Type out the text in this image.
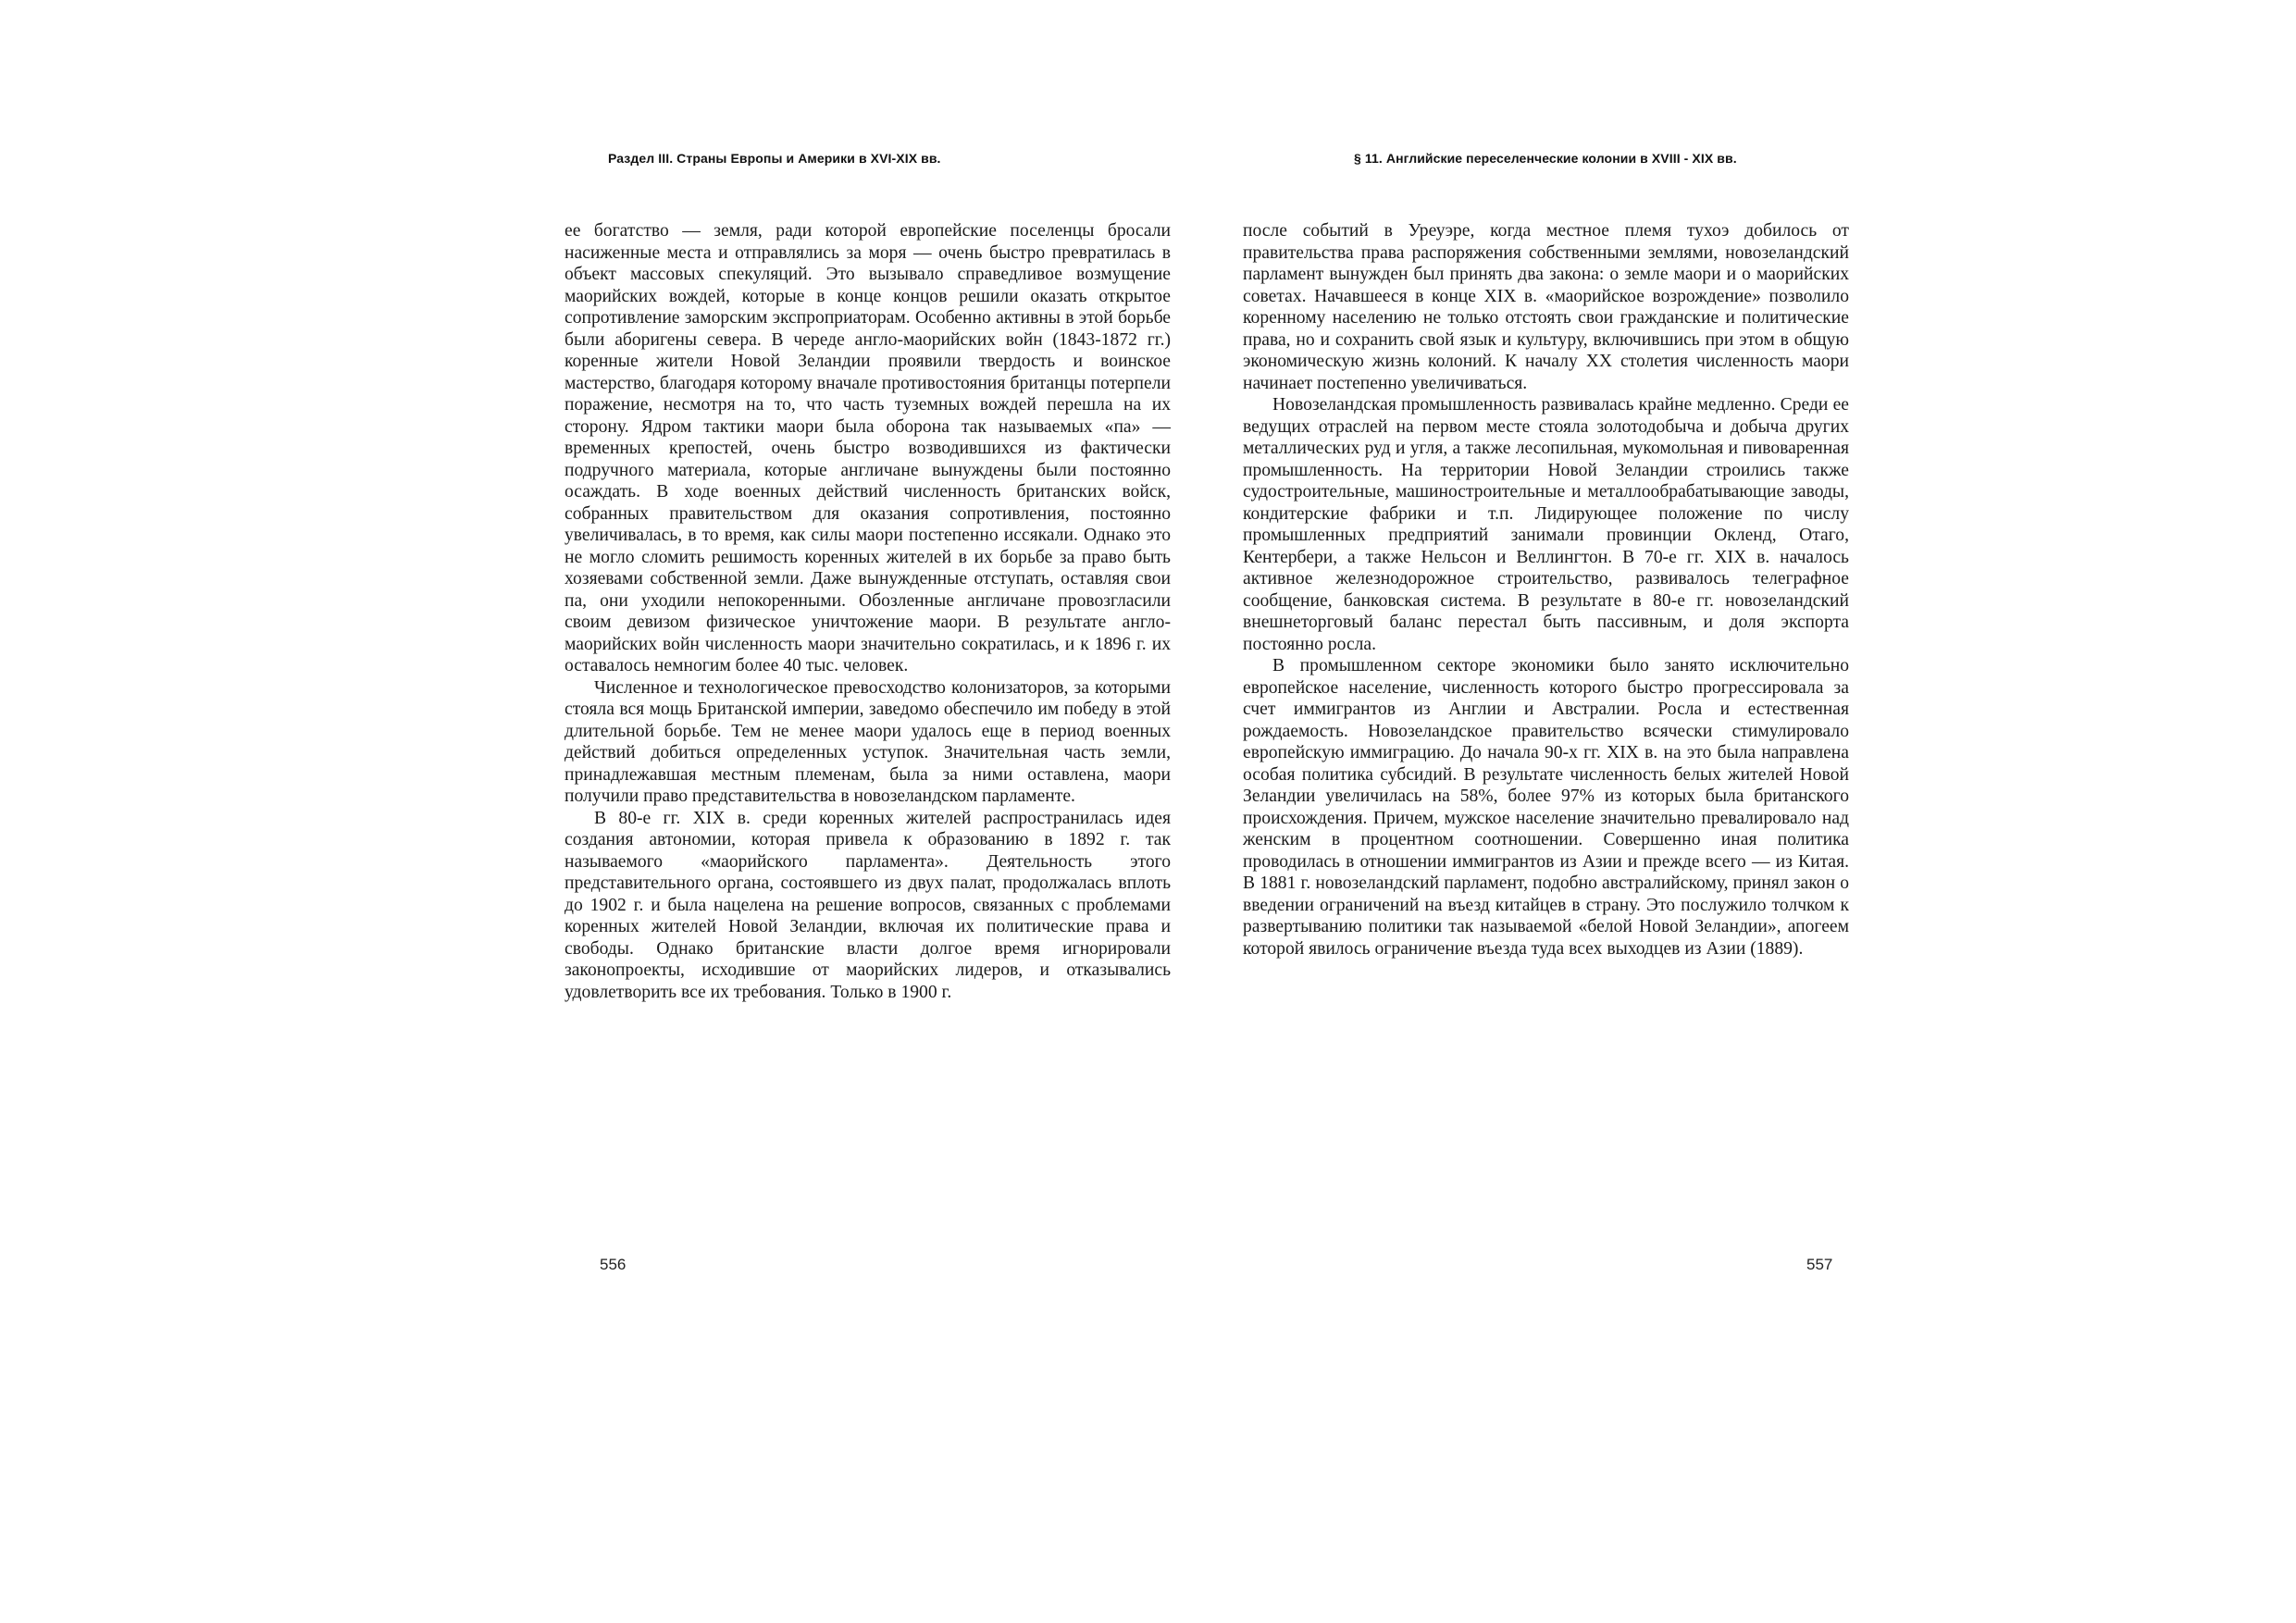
Раздел III. Страны Европы и Америки в XVI-XIX вв.

ее богатство — земля, ради которой европейские поселенцы бросали насиженные места и отправлялись за моря — очень быстро превратилась в объект массовых спекуляций. Это вызывало справедливое возмущение маорийских вождей, которые в конце концов решили оказать открытое сопротивление заморским экспроприаторам. Особенно активны в этой борьбе были аборигены севера. В череде англо-маорийских войн (1843-1872 гг.) коренные жители Новой Зеландии проявили твердость и воинское мастерство, благодаря которому вначале противостояния британцы потерпели поражение, несмотря на то, что часть туземных вождей перешла на их сторону. Ядром тактики маори была оборона так называемых «па» — временных крепостей, очень быстро возводившихся из фактически подручного материала, которые англичане вынуждены были постоянно осаждать. В ходе военных действий численность британских войск, собранных правительством для оказания сопротивления, постоянно увеличивалась, в то время, как силы маори постепенно иссякали. Однако это не могло сломить решимость коренных жителей в их борьбе за право быть хозяевами собственной земли. Даже вынужденные отступать, оставляя свои па, они уходили непокоренными. Обозленные англичане провозгласили своим девизом физическое уничтожение маори. В результате англо-маорийских войн численность маори значительно сократилась, и к 1896 г. их оставалось немногим более 40 тыс. человек.

Численное и технологическое превосходство колонизаторов, за которыми стояла вся мощь Британской империи, заведомо обеспечило им победу в этой длительной борьбе. Тем не менее маори удалось еще в период военных действий добиться определенных уступок. Значительная часть земли, принадлежавшая местным племенам, была за ними оставлена, маори получили право представительства в новозеландском парламенте.

В 80-е гг. XIX в. среди коренных жителей распространилась идея создания автономии, которая привела к образованию в 1892 г. так называемого «маорийского парламента». Деятельность этого представительного органа, состоявшего из двух палат, продолжалась вплоть до 1902 г. и была нацелена на решение вопросов, связанных с проблемами коренных жителей Новой Зеландии, включая их политические права и свободы. Однако британские власти долгое время игнорировали законопроекты, исходившие от маорийских лидеров, и отказывались удовлетворить все их требования. Только в 1900 г.

556
§ 11. Английские переселенческие колонии в XVIII - XIX вв.

после событий в Уреуэре, когда местное племя тухоэ добилось от правительства права распоряжения собственными землями, новозеландский парламент вынужден был принять два закона: о земле маори и о маорийских советах. Начавшееся в конце XIX в. «маорийское возрождение» позволило коренному населению не только отстоять свои гражданские и политические права, но и сохранить свой язык и культуру, включившись при этом в общую экономическую жизнь колоний. К началу XX столетия численность маори начинает постепенно увеличиваться.

Новозеландская промышленность развивалась крайне медленно. Среди ее ведущих отраслей на первом месте стояла золотодобыча и добыча других металлических руд и угля, а также лесопильная, мукомольная и пивоваренная промышленность. На территории Новой Зеландии строились также судостроительные, машиностроительные и металлообрабатывающие заводы, кондитерские фабрики и т.п. Лидирующее положение по числу промышленных предприятий занимали провинции Окленд, Отаго, Кентербери, а также Нельсон и Веллингтон. В 70-е гг. XIX в. началось активное железнодорожное строительство, развивалось телеграфное сообщение, банковская система. В результате в 80-е гг. новозеландский внешнеторговый баланс перестал быть пассивным, и доля экспорта постоянно росла.

В промышленном секторе экономики было занято исключительно европейское население, численность которого быстро прогрессировала за счет иммигрантов из Англии и Австралии. Росла и естественная рождаемость. Новозеландское правительство всячески стимулировало европейскую иммиграцию. До начала 90-х гг. XIX в. на это была направлена особая политика субсидий. В результате численность белых жителей Новой Зеландии увеличилась на 58%, более 97% из которых была британского происхождения. Причем, мужское население значительно превалировало над женским в процентном соотношении. Совершенно иная политика проводилась в отношении иммигрантов из Азии и прежде всего — из Китая. В 1881 г. новозеландский парламент, подобно австралийскому, принял закон о введении ограничений на въезд китайцев в страну. Это послужило толчком к развертыванию политики так называемой «белой Новой Зеландии», апогеем которой явилось ограничение въезда туда всех выходцев из Азии (1889).

557
